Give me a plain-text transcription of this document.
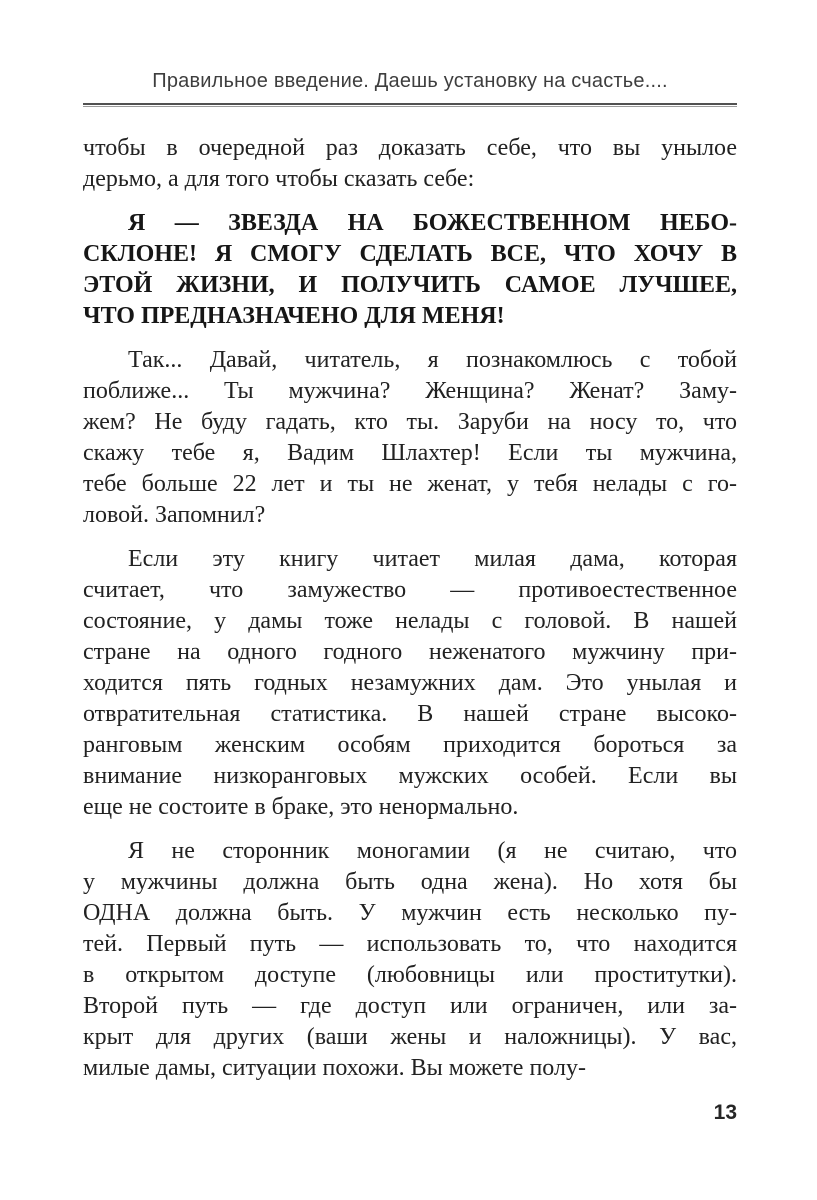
Правильное введение. Даешь установку на счастье....

чтобы в очередной раз доказать себе, что вы унылое
дерьмо, а для того чтобы сказать себе:

Я — ЗВЕЗДА НА БОЖЕСТВЕННОМ НЕБО-
СКЛОНЕ! Я СМОГУ СДЕЛАТЬ ВСЕ, ЧТО ХОЧУ В
ЭТОЙ ЖИЗНИ, И ПОЛУЧИТЬ САМОЕ ЛУЧШЕЕ,
ЧТО ПРЕДНАЗНАЧЕНО ДЛЯ МЕНЯ!

Так... Давай, читатель, я познакомлюсь с тобой
поближе... Ты мужчина? Женщина? Женат? Заму-
жем? Не буду гадать, кто ты. Заруби на носу то, что
скажу тебе я, Вадим Шлахтер! Если ты мужчина,
тебе больше 22 лет и ты не женат, у тебя нелады с го-
ловой. Запомнил?

Если эту книгу читает милая дама, которая
считает, что замужество — противоестественное
состояние, у дамы тоже нелады с головой. В нашей
стране на одного годного неженатого мужчину при-
ходится пять годных незамужних дам. Это унылая и
отвратительная статистика. В нашей стране высоко-
ранговым женским особям приходится бороться за
внимание низкоранговых мужских особей. Если вы
еще не состоите в браке, это ненормально.

Я не сторонник моногамии (я не считаю, что
у мужчины должна быть одна жена). Но хотя бы
ОДНА должна быть. У мужчин есть несколько пу-
тей. Первый путь — использовать то, что находится
в открытом доступе (любовницы или проститутки).
Второй путь — где доступ или ограничен, или за-
крыт для других (ваши жены и наложницы). У вас,
милые дамы, ситуации похожи. Вы можете полу-

13
